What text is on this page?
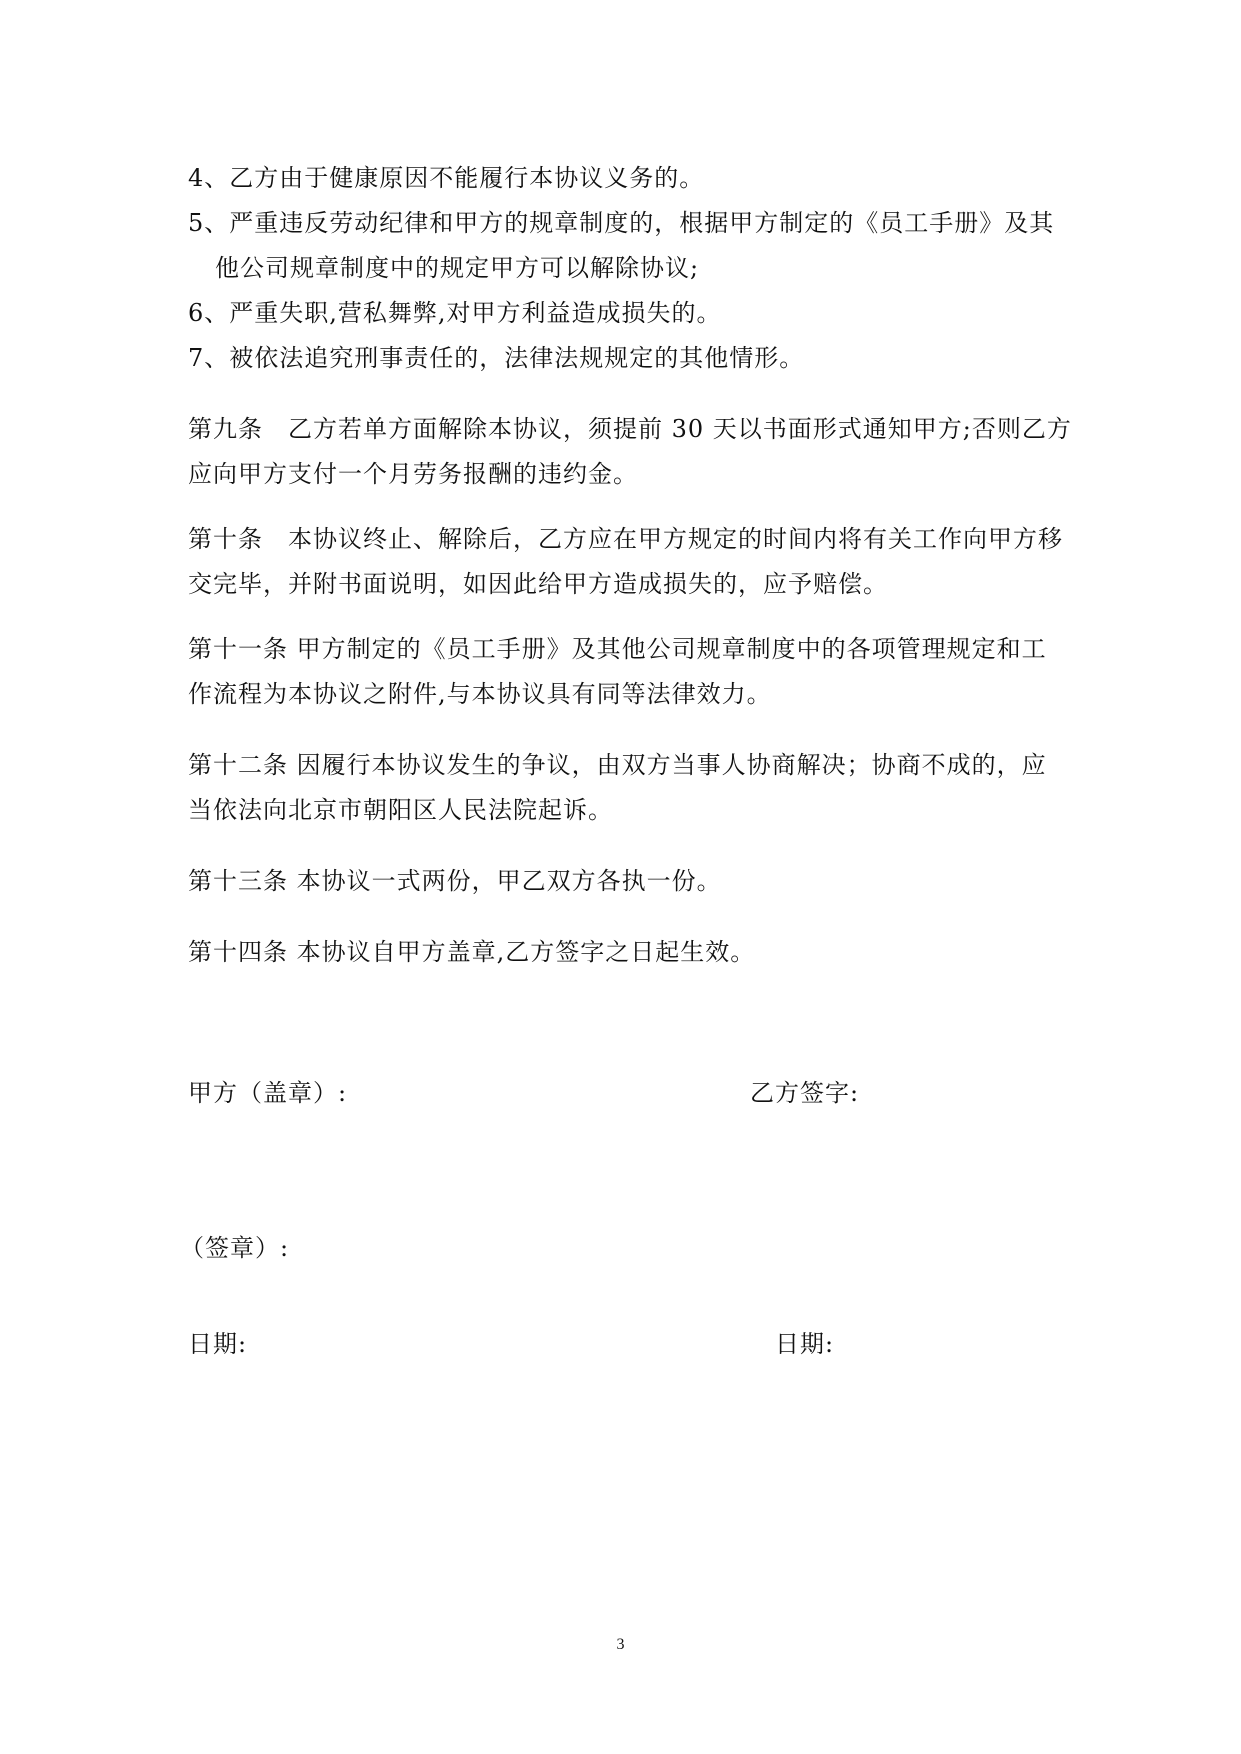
4、乙方由于健康原因不能履行本协议义务的。
5、严重违反劳动纪律和甲方的规章制度的，根据甲方制定的《员工手册》及其
他公司规章制度中的规定甲方可以解除协议;
6、严重失职,营私舞弊,对甲方利益造成损失的。
7、被依法追究刑事责任的，法律法规规定的其他情形。
第九条　乙方若单方面解除本协议，须提前 30 天以书面形式通知甲方;否则乙方
应向甲方支付一个月劳务报酬的违约金。
第十条　本协议终止、解除后，乙方应在甲方规定的时间内将有关工作向甲方移
交完毕，并附书面说明，如因此给甲方造成损失的，应予赔偿。
第十一条 甲方制定的《员工手册》及其他公司规章制度中的各项管理规定和工
作流程为本协议之附件,与本协议具有同等法律效力。
第十二条 因履行本协议发生的争议，由双方当事人协商解决；协商不成的，应
当依法向北京市朝阳区人民法院起诉。
第十三条 本协议一式两份，甲乙双方各执一份。
第十四条 本协议自甲方盖章,乙方签字之日起生效。
甲方（盖章）:	乙方签字:
（签章）:
日期:	日期:
3
